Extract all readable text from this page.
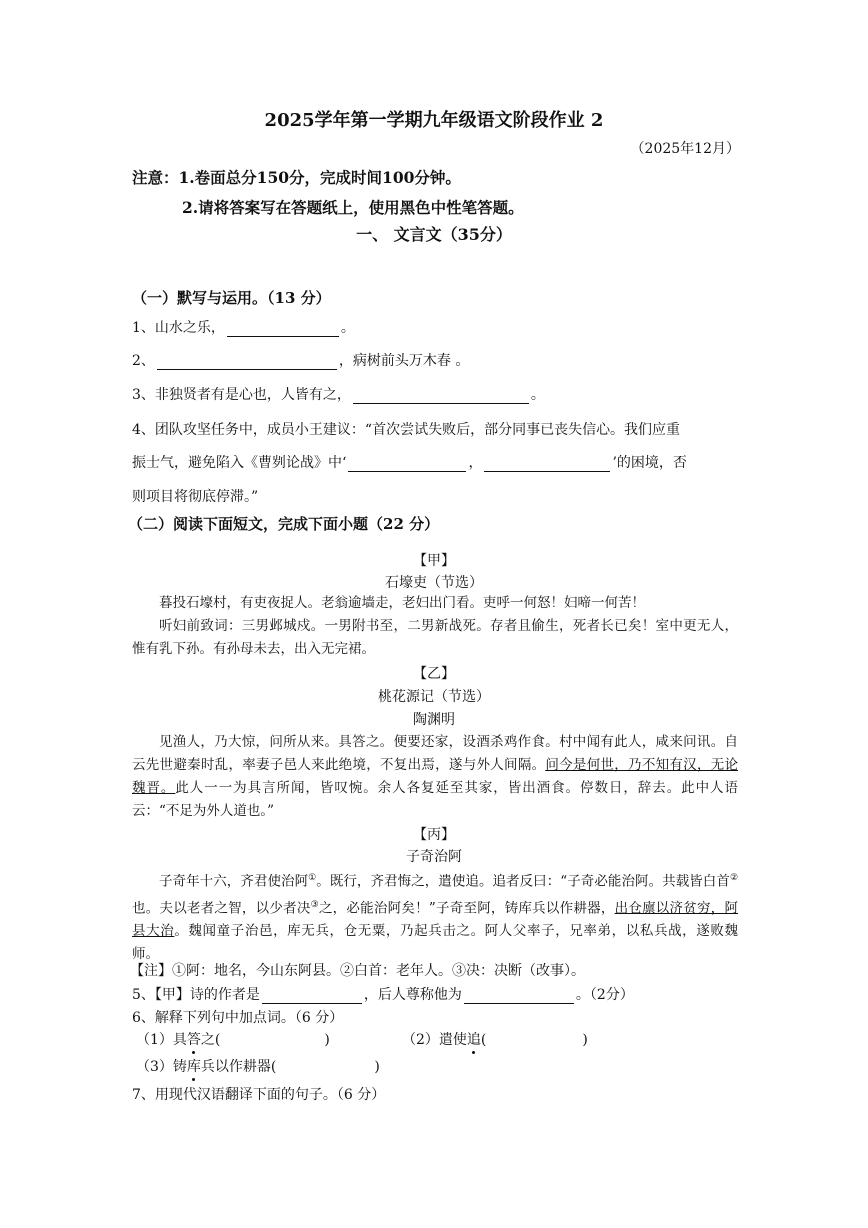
2025学年第一学期九年级语文阶段作业 2
（2025年12月）
注意：1.卷面总分150分，完成时间100分钟。
2.请将答案写在答题纸上，使用黑色中性笔答题。
一、 文言文（35分）
（一）默写与运用。（13 分）
1、山水之乐，	。
2、	，病树前头万木春 。
3、非独贤者有是心也，人皆有之，	。
4、团队攻坚任务中，成员小王建议：“首次尝试失败后，部分同事已丧失信心。我们应重
振士气，避免陷入《曹刿论战》中‘	，	’的困境，否
则项目将彻底停滞。”
（二）阅读下面短文，完成下面小题（22 分）
【甲】
石壕吏（节选）
暮投石壕村，有吏夜捉人。老翁逾墙走，老妇出门看。吏呼一何怒！妇啼一何苦！
听妇前致词：三男邺城戍。一男附书至，二男新战死。存者且偷生，死者长已矣！室中更无人，惟有乳下孙。有孙母未去，出入无完裙。
【乙】
桃花源记（节选）
陶渊明
见渔人，乃大惊，问所从来。具答之。便要还家，设酒杀鸡作食。村中闻有此人，咸来问讯。自云先世避秦时乱，率妻子邑人来此绝境，不复出焉，遂与外人间隔。问今是何世，乃不知有汉，无论魏晋。此人一一为具言所闻，皆叹惋。余人各复延至其家，皆出酒食。停数日，辞去。此中人语云：“不足为外人道也。”
【丙】
子奇治阿
子奇年十六，齐君使治阿①。既行，齐君悔之，遣使追。追者反曰：“子奇必能治阿。共载皆白首②也。夫以老者之智，以少者决③之，必能治阿矣！”子奇至阿，铸库兵以作耕器，出仓廪以济贫穷，阿县大治。魏闻童子治邑，库无兵，仓无粟，乃起兵击之。阿人父率子，兄率弟，以私兵战，遂败魏师。
【注】①阿：地名，今山东阿县。②白首：老年人。③决：决断（改事）。
5、【甲】诗的作者是	，后人尊称他为	。（2分）
6、解释下列句中加点词。（6 分）
（1）具答之(	)	（2）遣使追(	)
（3）铸库兵以作耕器(	)
7、用现代汉语翻译下面的句子。（6 分）
